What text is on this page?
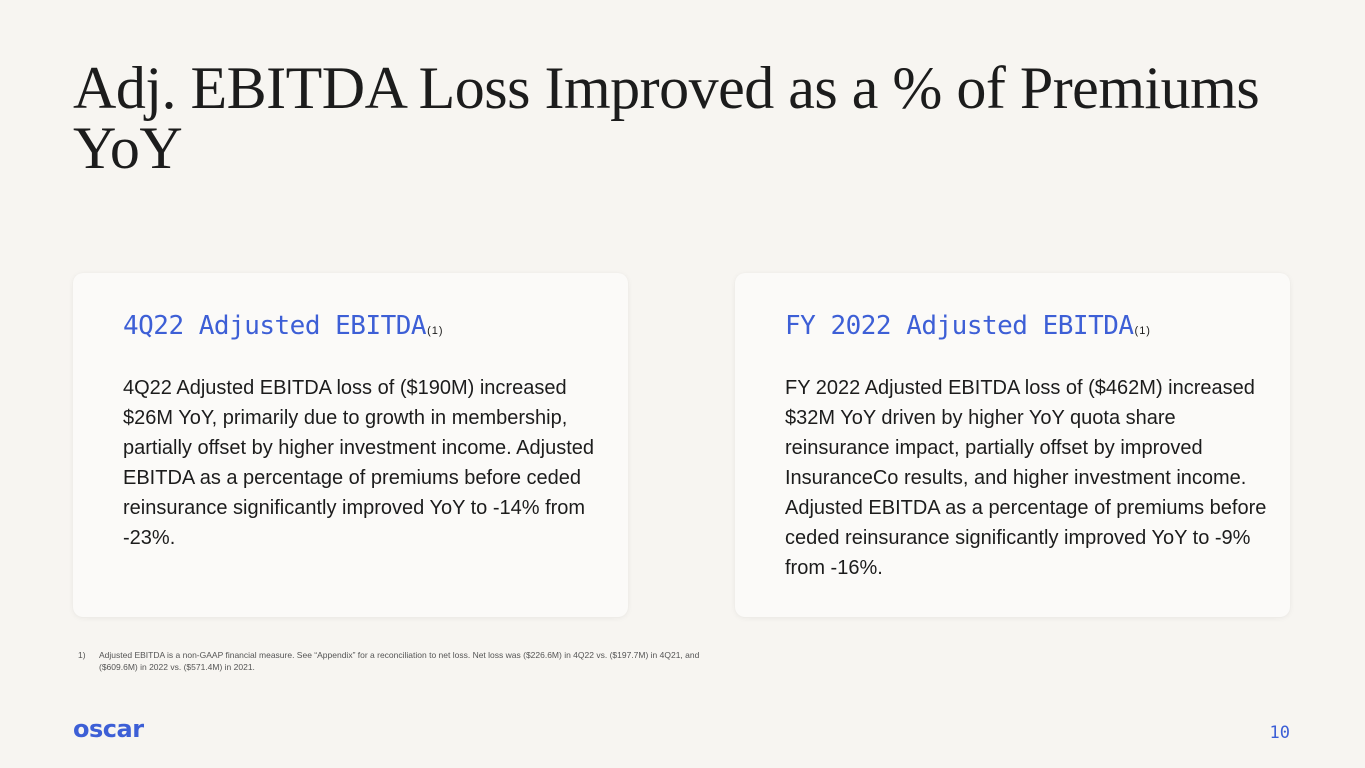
Adj. EBITDA Loss Improved as a % of Premiums YoY
4Q22 Adjusted EBITDA(1)

4Q22 Adjusted EBITDA loss of ($190M) increased $26M YoY, primarily due to growth in membership, partially offset by higher investment income. Adjusted EBITDA as a percentage of premiums before ceded reinsurance significantly improved YoY to -14% from -23%.

FY 2022 Adjusted EBITDA(1)

FY 2022 Adjusted EBITDA loss of ($462M) increased $32M YoY driven by higher YoY quota share reinsurance impact, partially offset by improved InsuranceCo results, and higher investment income. Adjusted EBITDA as a percentage of premiums before ceded reinsurance significantly improved YoY to -9% from -16%.

1)	Adjusted EBITDA is a non-GAAP financial measure. See “Appendix” for a reconciliation to net loss. Net loss was ($226.6M) in 4Q22 vs. ($197.7M) in 4Q21, and ($609.6M) in 2022 vs. ($571.4M) in 2021.
oscar	10
